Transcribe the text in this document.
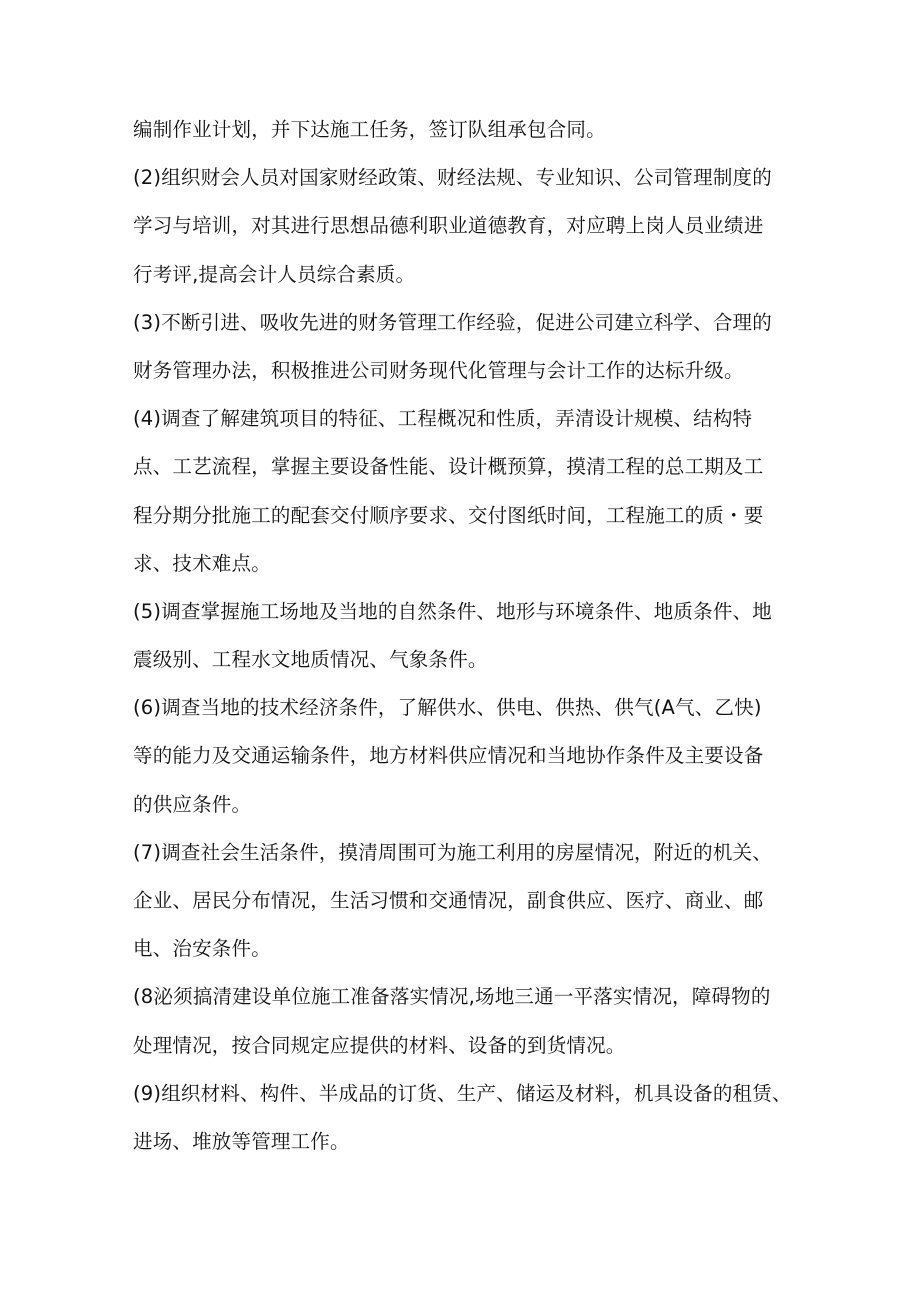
编制作业计划，并下达施工任务，签订队组承包合同。
(2)组织财会人员对国家财经政策、财经法规、专业知识、公司管理制度的
学习与培训，对其进行思想品德利职业道德教育，对应聘上岗人员业绩进
行考评,提高会计人员综合素质。
(3)不断引进、吸收先进的财务管理工作经验，促进公司建立科学、合理的
财务管理办法，积极推进公司财务现代化管理与会计工作的达标升级。
(4)调查了解建筑项目的特征、工程概况和性质，弄清设计规模、结构特
点、工艺流程，掌握主要设备性能、设计概预算，摸清工程的总工期及工
程分期分批施工的配套交付顺序要求、交付图纸时间，工程施工的质・要
求、技术难点。
(5)调查掌握施工场地及当地的自然条件、地形与环境条件、地质条件、地
震级别、工程水文地质情况、气象条件。
(6)调查当地的技术经济条件，了解供水、供电、供热、供气(A气、乙快)
等的能力及交通运输条件，地方材料供应情况和当地协作条件及主要设备
的供应条件。
(7)调查社会生活条件，摸清周围可为施工利用的房屋情况，附近的机关、
企业、居民分布情况，生活习惯和交通情况，副食供应、医疗、商业、邮
电、治安条件。
(8泌须搞清建设单位施工准备落实情况,场地三通一平落实情况，障碍物的
处理情况，按合同规定应提供的材料、设备的到货情况。
(9)组织材料、构件、半成品的订货、生产、储运及材料，机具设备的租赁、
进场、堆放等管理工作。
